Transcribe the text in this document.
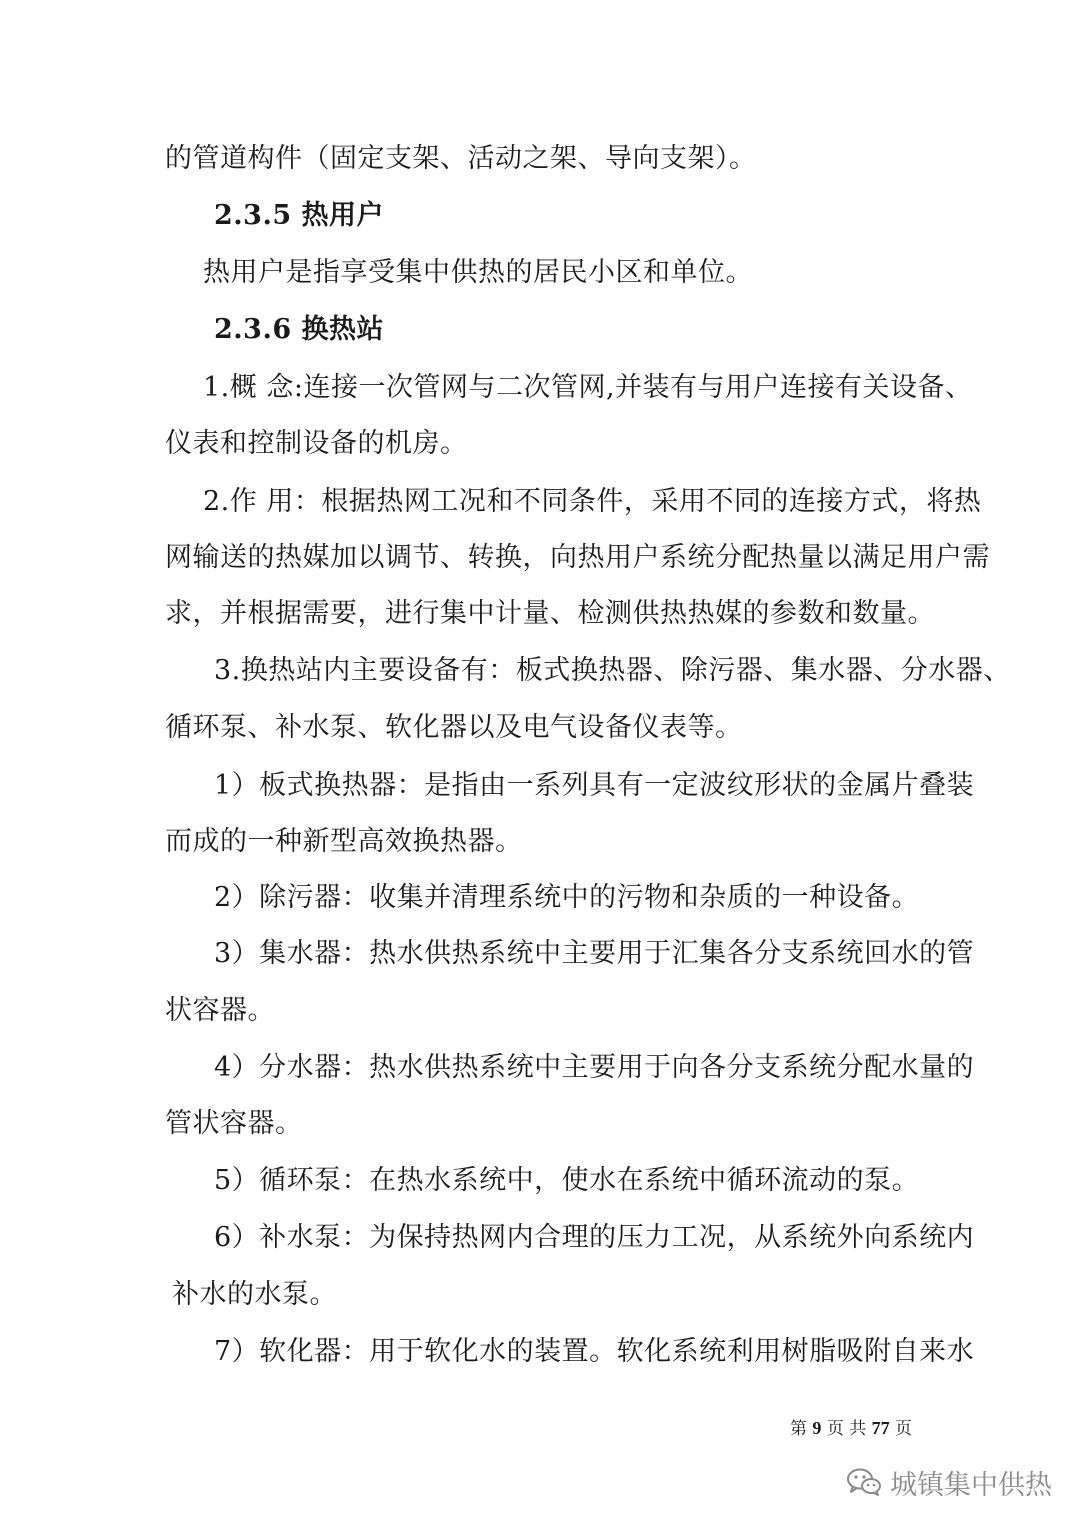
的管道构件（固定支架、活动之架、导向支架）。
2.3.5 热用户
热用户是指享受集中供热的居民小区和单位。
2.3.6 换热站
1.概 念:连接一次管网与二次管网,并装有与用户连接有关设备、
仪表和控制设备的机房。
2.作 用：根据热网工况和不同条件，采用不同的连接方式，将热
网输送的热媒加以调节、转换，向热用户系统分配热量以满足用户需
求，并根据需要，进行集中计量、检测供热热媒的参数和数量。
3.换热站内主要设备有：板式换热器、除污器、集水器、分水器、
循环泵、补水泵、软化器以及电气设备仪表等。
1）板式换热器：是指由一系列具有一定波纹形状的金属片叠装
而成的一种新型高效换热器。
2）除污器：收集并清理系统中的污物和杂质的一种设备。
3）集水器：热水供热系统中主要用于汇集各分支系统回水的管
状容器。
4）分水器：热水供热系统中主要用于向各分支系统分配水量的
管状容器。
5）循环泵：在热水系统中，使水在系统中循环流动的泵。
6）补水泵：为保持热网内合理的压力工况，从系统外向系统内
补水的水泵。
7）软化器：用于软化水的装置。软化系统利用树脂吸附自来水
第 9 页 共 77 页
城镇集中供热
